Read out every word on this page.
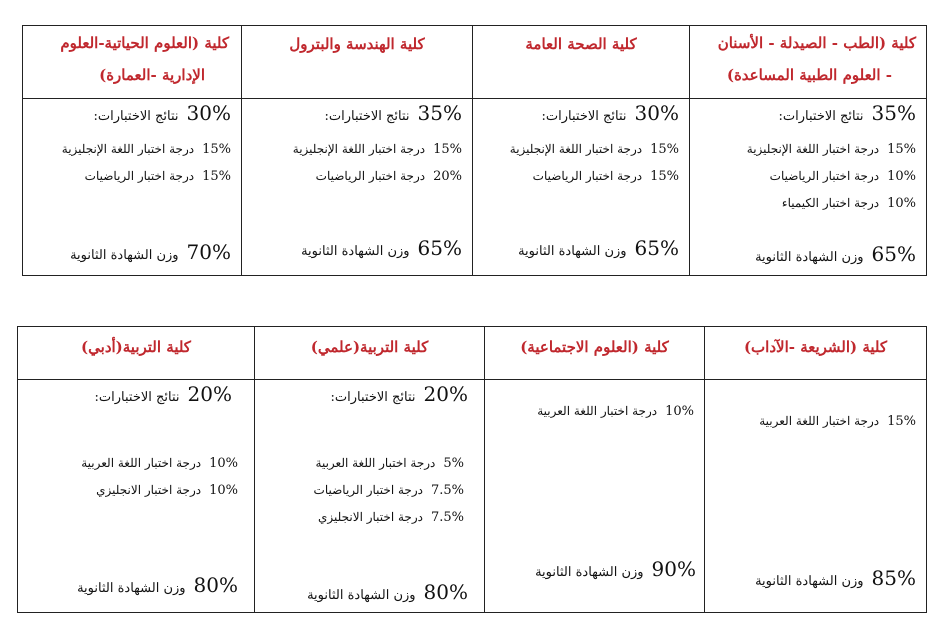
كلية (الطب - الصيدلة - الأسنان
- العلوم الطبية المساعدة)
35%
نتائج الاختبارات:
15%
درجة اختبار اللغة الإنجليزية
10%
درجة اختبار الرياضيات
10%
درجة اختبار الكيمياء
65%
وزن الشهادة الثانوية
كلية الصحة العامة
30%
نتائج الاختبارات:
15%
درجة اختبار اللغة الإنجليزية
15%
درجة اختبار الرياضيات
65%
وزن الشهادة الثانوية
كلية الهندسة والبترول
35%
نتائج الاختبارات:
15%
درجة اختبار اللغة الإنجليزية
20%
درجة اختبار الرياضيات
65%
وزن الشهادة الثانوية
كلية (العلوم الحياتية-العلوم
الإدارية -العمارة)
30%
نتائج الاختبارات:
15%
درجة اختبار اللغة الإنجليزية
15%
درجة اختبار الرياضيات
70%
وزن الشهادة الثانوية
كلية (الشريعة -الآداب)
15%
درجة اختبار اللغة العربية
85%
وزن الشهادة الثانوية
كلية (العلوم الاجتماعية)
10%
درجة اختبار اللغة العربية
90%
وزن الشهادة الثانوية
كلية التربية(علمي)
20%
نتائج الاختبارات:
5%
درجة اختبار اللغة العربية
7.5%
درجة اختبار الرياضيات
7.5%
درجة اختبار الانجليزي
80%
وزن الشهادة الثانوية
كلية التربية(أدبي)
20%
نتائج الاختبارات:
10%
درجة اختبار اللغة العربية
10%
درجة اختبار الانجليزي
80%
وزن الشهادة الثانوية
